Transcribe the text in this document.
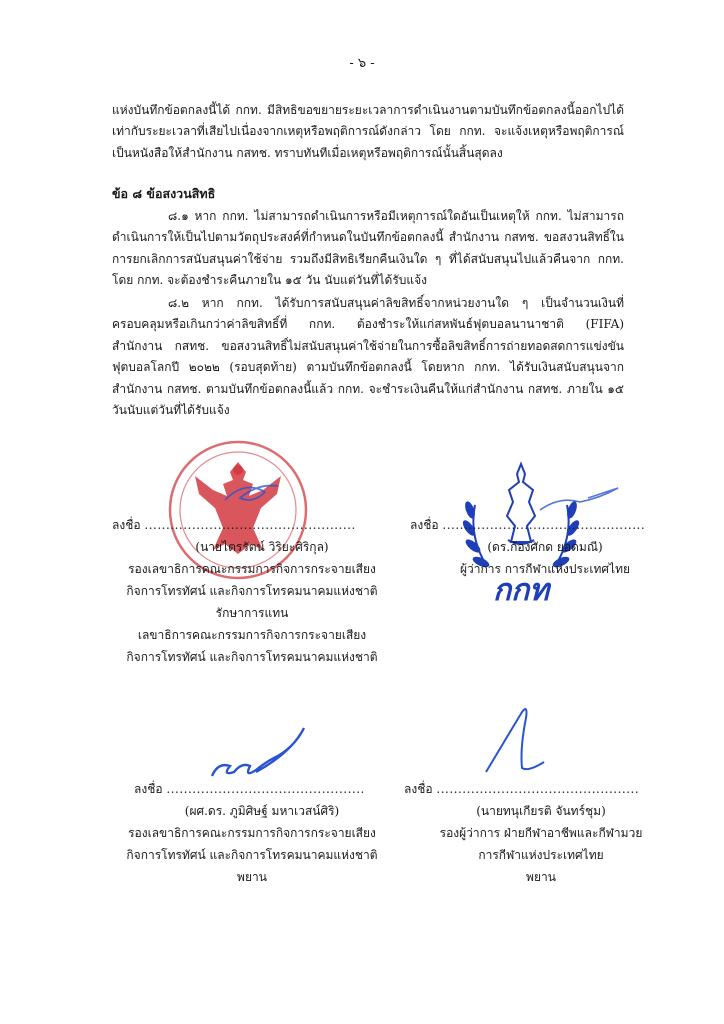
- ๖ -

แห่งบันทึกข้อตกลงนี้ได้ กกท. มีสิทธิขอขยายระยะเวลาการดำเนินงานตามบันทึกข้อตกลงนี้ออกไปได้เท่ากับระยะเวลาที่เสียไปเนื่องจากเหตุหรือพฤติการณ์ดังกล่าว โดย กกท. จะแจ้งเหตุหรือพฤติการณ์เป็นหนังสือให้สำนักงาน กสทช. ทราบทันทีเมื่อเหตุหรือพฤติการณ์นั้นสิ้นสุดลง

ข้อ ๘ ข้อสงวนสิทธิ

๘.๑ หาก กกท. ไม่สามารถดำเนินการหรือมีเหตุการณ์ใดอันเป็นเหตุให้ กกท. ไม่สามารถดำเนินการให้เป็นไปตามวัตถุประสงค์ที่กำหนดในบันทึกข้อตกลงนี้ สำนักงาน กสทช. ขอสงวนสิทธิ์ในการยกเลิกการสนับสนุนค่าใช้จ่าย รวมถึงมีสิทธิเรียกคืนเงินใด ๆ ที่ได้สนับสนุนไปแล้วคืนจาก กกท. โดย กกท. จะต้องชำระคืนภายใน ๑๕ วัน นับแต่วันที่ได้รับแจ้ง

๘.๒ หาก กกท. ได้รับการสนับสนุนค่าลิขสิทธิ์จากหน่วยงานใด ๆ เป็นจำนวนเงินที่ครอบคลุมหรือเกินกว่าค่าลิขสิทธิ์ที่ กกท. ต้องชำระให้แก่สหพันธ์ฟุตบอลนานาชาติ (FIFA) สำนักงาน กสทช. ขอสงวนสิทธิ์ไม่สนับสนุนค่าใช้จ่ายในการซื้อลิขสิทธิ์การถ่ายทอดสดการแข่งขันฟุตบอลโลกปี ๒๐๒๒ (รอบสุดท้าย) ตามบันทึกข้อตกลงนี้ โดยหาก กกท. ได้รับเงินสนับสนุนจากสำนักงาน กสทช. ตามบันทึกข้อตกลงนี้แล้ว กกท. จะชำระเงินคืนให้แก่สำนักงาน กสทช. ภายใน ๑๕ วันนับแต่วันที่ได้รับแจ้ง

กกท
ลงชื่อ .................................................
(นายไตรรัตน์ วิริยะศิริกุล)
รองเลขาธิการคณะกรรมการกิจการกระจายเสียง
กิจการโทรทัศน์ และกิจการโทรคมนาคมแห่งชาติ
รักษาการแทน
เลขาธิการคณะกรรมการกิจการกระจายเสียง
กิจการโทรทัศน์ และกิจการโทรคมนาคมแห่งชาติ
ลงชื่อ ...............................................
(ดร.ก้องศักด ยอดมณี)
ผู้ว่าการ การกีฬาแห่งประเทศไทย
ลงชื่อ ..............................................
(ผศ.ดร. ภูมิศิษฐ์ มหาเวสน์ศิริ)
รองเลขาธิการคณะกรรมการกิจการกระจายเสียง
กิจการโทรทัศน์ และกิจการโทรคมนาคมแห่งชาติ
พยาน
ลงชื่อ ...............................................
(นายทนุเกียรติ จันทร์ชุม)
รองผู้ว่าการ ฝ่ายกีฬาอาชีพและกีฬามวย
การกีฬาแห่งประเทศไทย
พยาน
